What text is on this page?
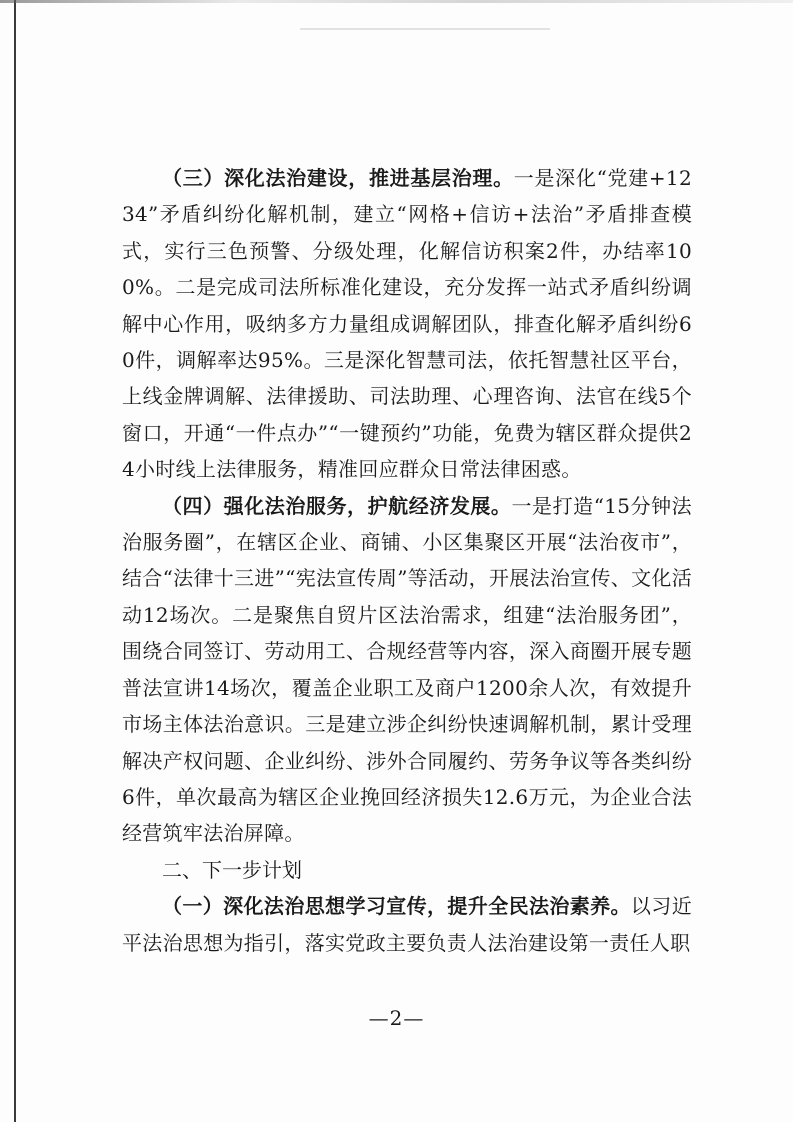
（三）深化法治建设，推进基层治理。一是深化“党建+1234”矛盾纠纷化解机制，建立“网格+信访+法治”矛盾排查模式，实行三色预警、分级处理，化解信访积案2件，办结率100%。二是完成司法所标准化建设，充分发挥一站式矛盾纠纷调解中心作用，吸纳多方力量组成调解团队，排查化解矛盾纠纷60件，调解率达95%。三是深化智慧司法，依托智慧社区平台，上线金牌调解、法律援助、司法助理、心理咨询、法官在线5个窗口，开通“一件点办”“一键预约”功能，免费为辖区群众提供24小时线上法律服务，精准回应群众日常法律困惑。

（四）强化法治服务，护航经济发展。一是打造“15分钟法治服务圈”，在辖区企业、商铺、小区集聚区开展“法治夜市”，结合“法律十三进”“宪法宣传周”等活动，开展法治宣传、文化活动12场次。二是聚焦自贸片区法治需求，组建“法治服务团”，围绕合同签订、劳动用工、合规经营等内容，深入商圈开展专题普法宣讲14场次，覆盖企业职工及商户1200余人次，有效提升市场主体法治意识。三是建立涉企纠纷快速调解机制，累计受理解决产权问题、企业纠纷、涉外合同履约、劳务争议等各类纠纷6件，单次最高为辖区企业挽回经济损失12.6万元，为企业合法经营筑牢法治屏障。

二、下一步计划

（一）深化法治思想学习宣传，提升全民法治素养。以习近平法治思想为指引，落实党政主要负责人法治建设第一责任人职

—2—
